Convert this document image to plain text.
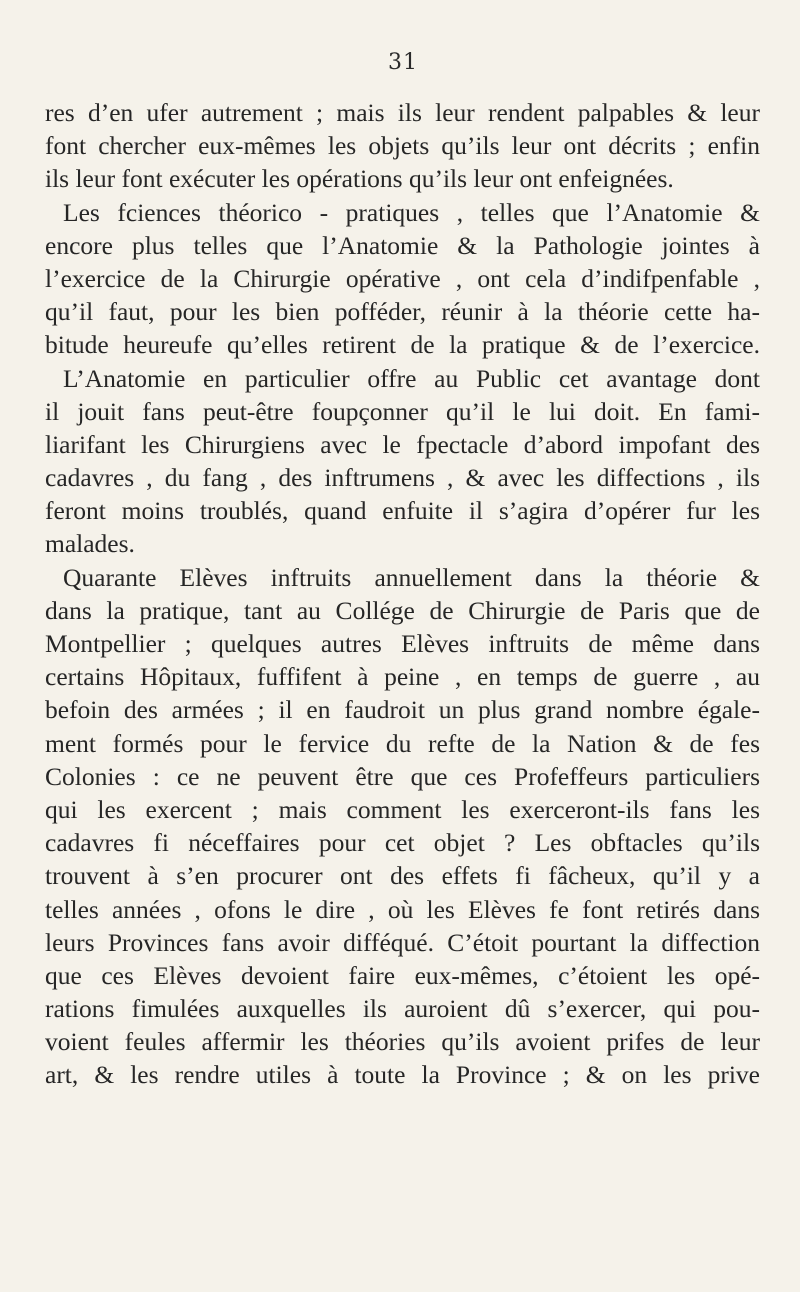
31
res d’en ufer autrement ; mais ils leur rendent palpables & leur
font chercher eux-mêmes les objets qu’ils leur ont décrits ; enfin
ils leur font exécuter les opérations qu’ils leur ont enfeignées.
Les fciences théorico - pratiques , telles que l’Anatomie &
encore plus telles que l’Anatomie & la Pathologie jointes à
l’exercice de la Chirurgie opérative , ont cela d’indifpenfable ,
qu’il faut, pour les bien pofféder, réunir à la théorie cette ha-
bitude heureufe qu’elles retirent de la pratique & de l’exercice.
L’Anatomie en particulier offre au Public cet avantage dont
il jouit fans peut-être foupçonner qu’il le lui doit. En fami-
liarifant les Chirurgiens avec le fpectacle d’abord impofant des
cadavres , du fang , des inftrumens , & avec les diffections , ils
feront moins troublés, quand enfuite il s’agira d’opérer fur les
malades.
Quarante Elèves inftruits annuellement dans la théorie &
dans la pratique, tant au Collége de Chirurgie de Paris que de
Montpellier ; quelques autres Elèves inftruits de même dans
certains Hôpitaux, fuffifent à peine , en temps de guerre , au
befoin des armées ; il en faudroit un plus grand nombre égale-
ment formés pour le fervice du refte de la Nation & de fes
Colonies : ce ne peuvent être que ces Profeffeurs particuliers
qui les exercent ; mais comment les exerceront-ils fans les
cadavres fi néceffaires pour cet objet ? Les obftacles qu’ils
trouvent à s’en procurer ont des effets fi fâcheux, qu’il y a
telles années , ofons le dire , où les Elèves fe font retirés dans
leurs Provinces fans avoir difféqué. C’étoit pourtant la diffection
que ces Elèves devoient faire eux-mêmes, c’étoient les opé-
rations fimulées auxquelles ils auroient dû s’exercer, qui pou-
voient feules affermir les théories qu’ils avoient prifes de leur
art, & les rendre utiles à toute la Province ; & on les prive
